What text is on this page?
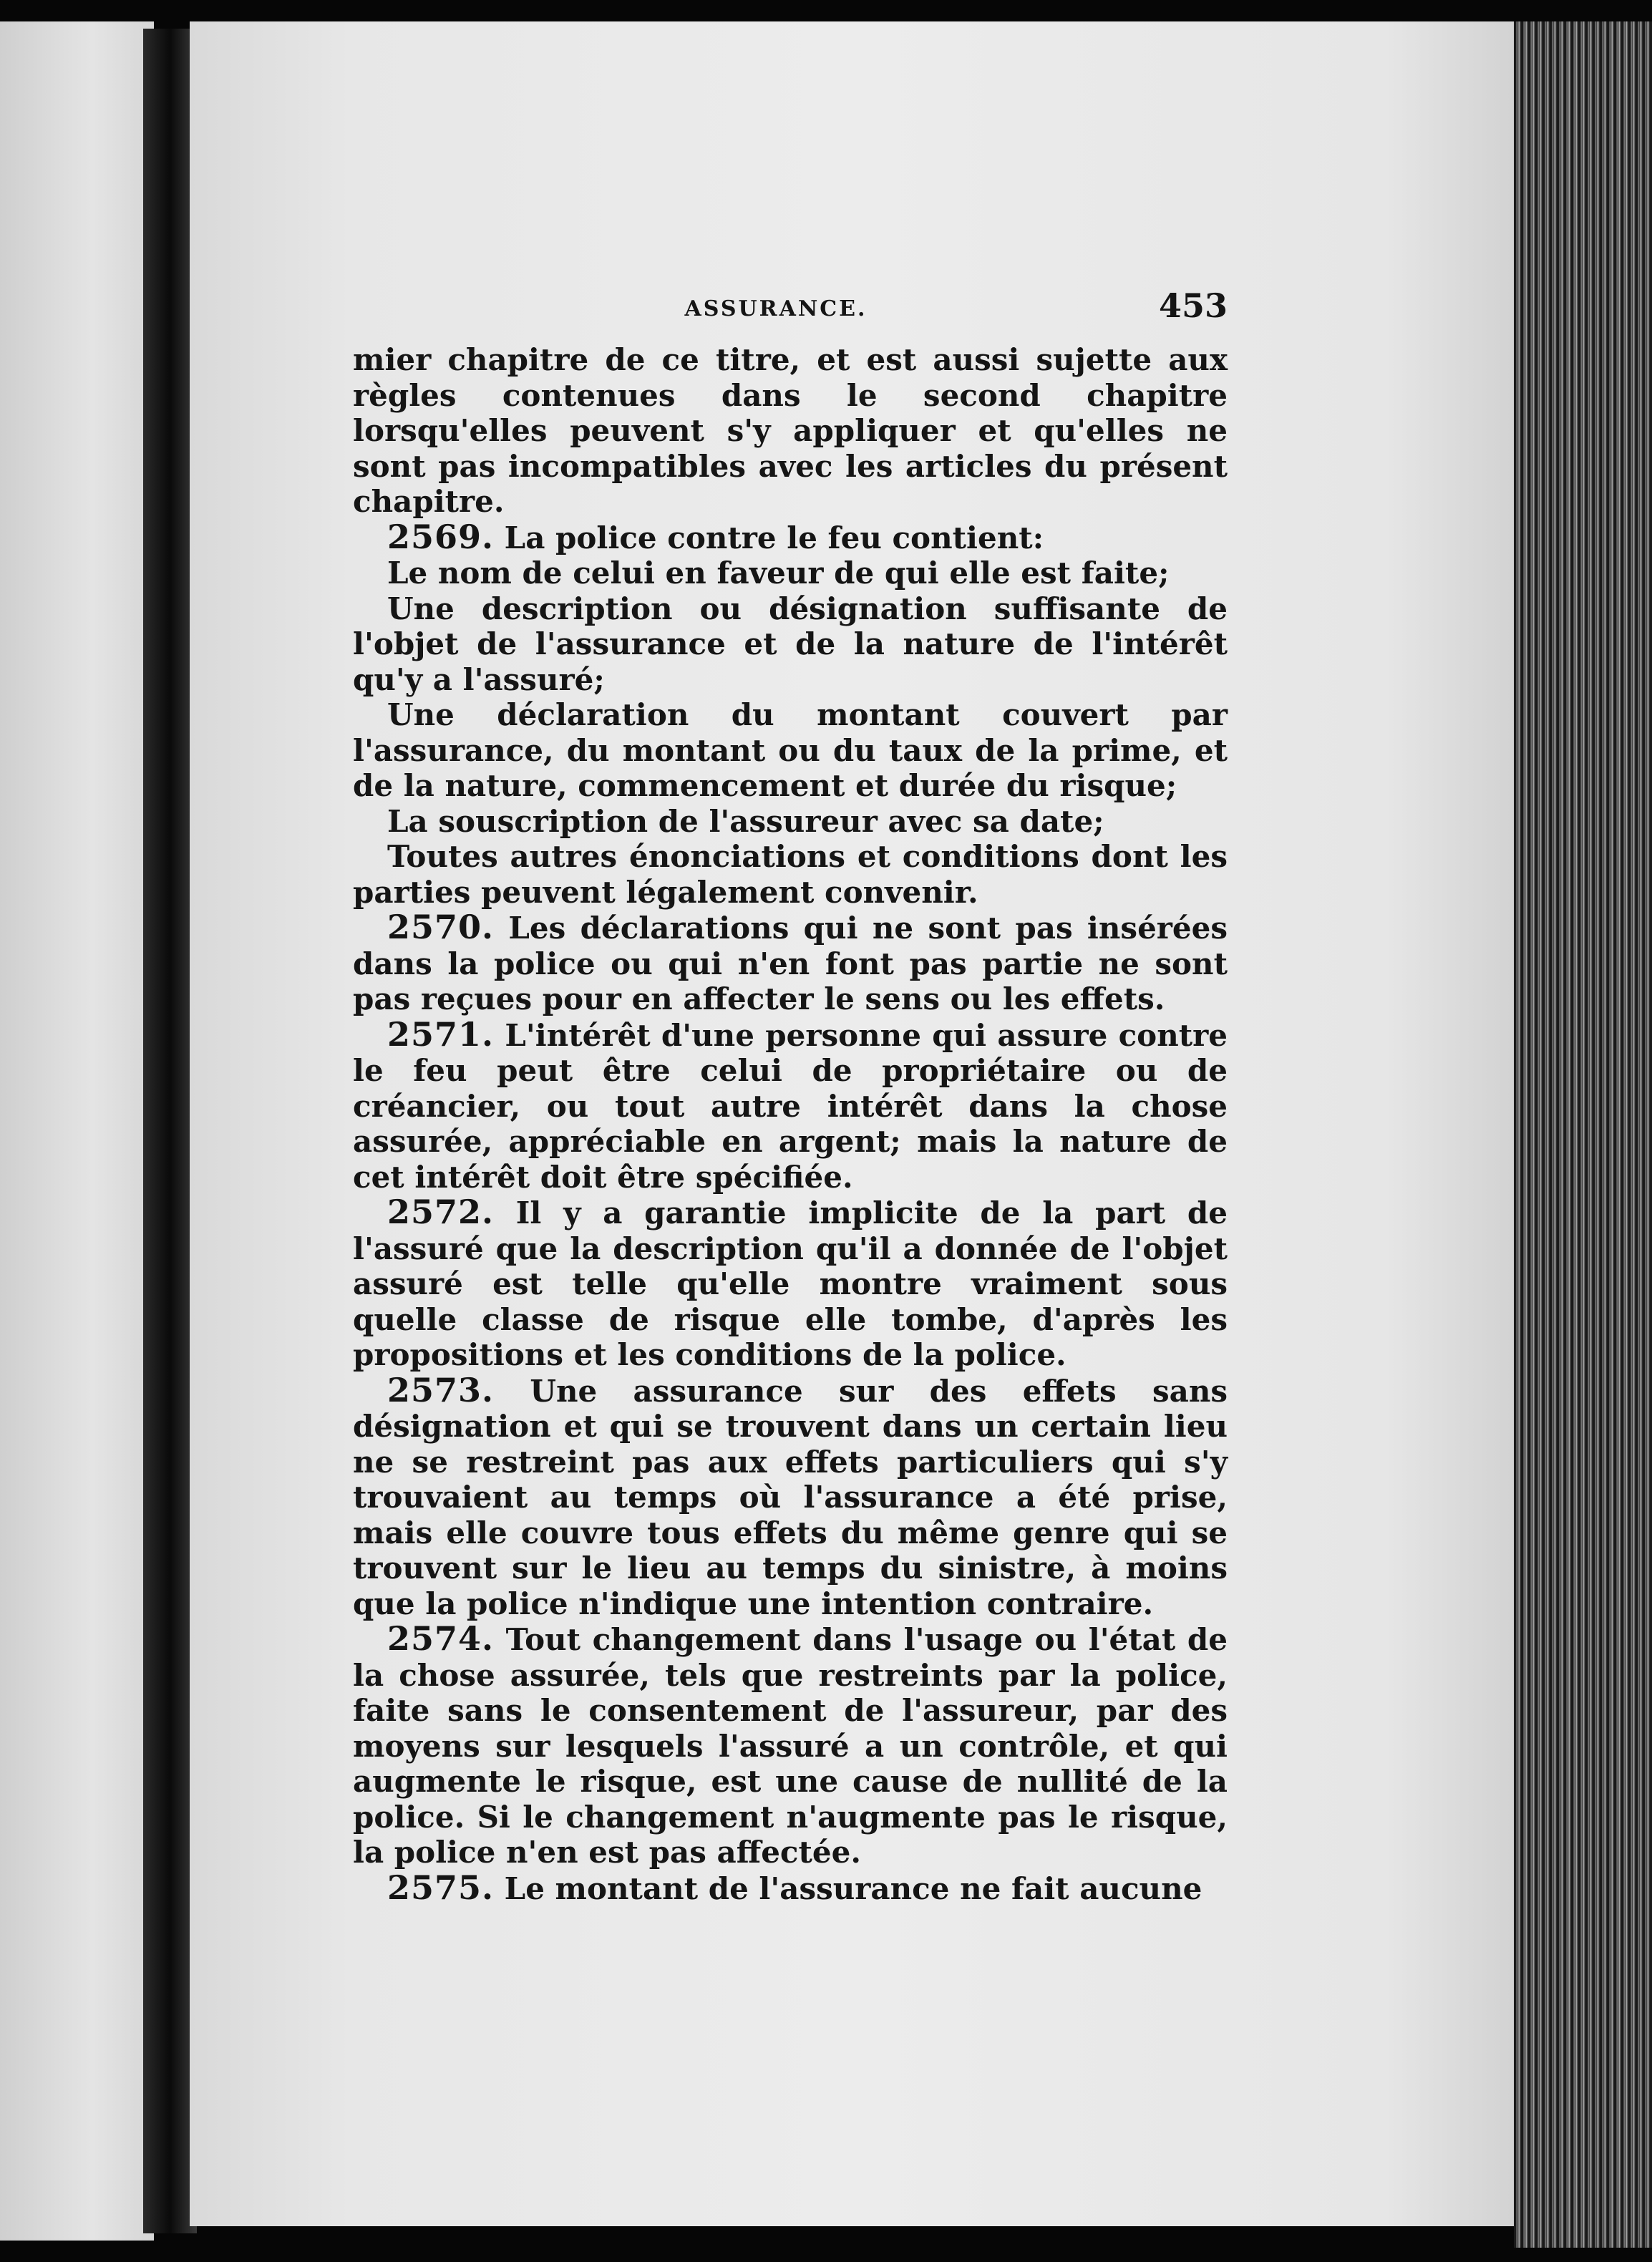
ASSURANCE.	453

mier chapitre de ce titre, et est aussi sujette aux règles contenues dans le second chapitre lorsqu'elles peuvent s'y appliquer et qu'elles ne sont pas incompatibles avec les articles du présent chapitre.

2569. La police contre le feu contient:

Le nom de celui en faveur de qui elle est faite;

Une description ou désignation suffisante de l'objet de l'assurance et de la nature de l'intérêt qu'y a l'assuré;

Une déclaration du montant couvert par l'assurance, du montant ou du taux de la prime, et de la nature, commencement et durée du risque;

La souscription de l'assureur avec sa date;

Toutes autres énonciations et conditions dont les parties peuvent légalement convenir.

2570. Les déclarations qui ne sont pas insérées dans la police ou qui n'en font pas partie ne sont pas reçues pour en affecter le sens ou les effets.

2571. L'intérêt d'une personne qui assure contre le feu peut être celui de propriétaire ou de créancier, ou tout autre intérêt dans la chose assurée, appréciable en argent; mais la nature de cet intérêt doit être spécifiée.

2572. Il y a garantie implicite de la part de l'assuré que la description qu'il a donnée de l'objet assuré est telle qu'elle montre vraiment sous quelle classe de risque elle tombe, d'après les propositions et les conditions de la police.

2573. Une assurance sur des effets sans désignation et qui se trouvent dans un certain lieu ne se restreint pas aux effets particuliers qui s'y trouvaient au temps où l'assurance a été prise, mais elle couvre tous effets du même genre qui se trouvent sur le lieu au temps du sinistre, à moins que la police n'indique une intention contraire.

2574. Tout changement dans l'usage ou l'état de la chose assurée, tels que restreints par la police, faite sans le consentement de l'assureur, par des moyens sur lesquels l'assuré a un contrôle, et qui augmente le risque, est une cause de nullité de la police. Si le changement n'augmente pas le risque, la police n'en est pas affectée.

2575. Le montant de l'assurance ne fait aucune
